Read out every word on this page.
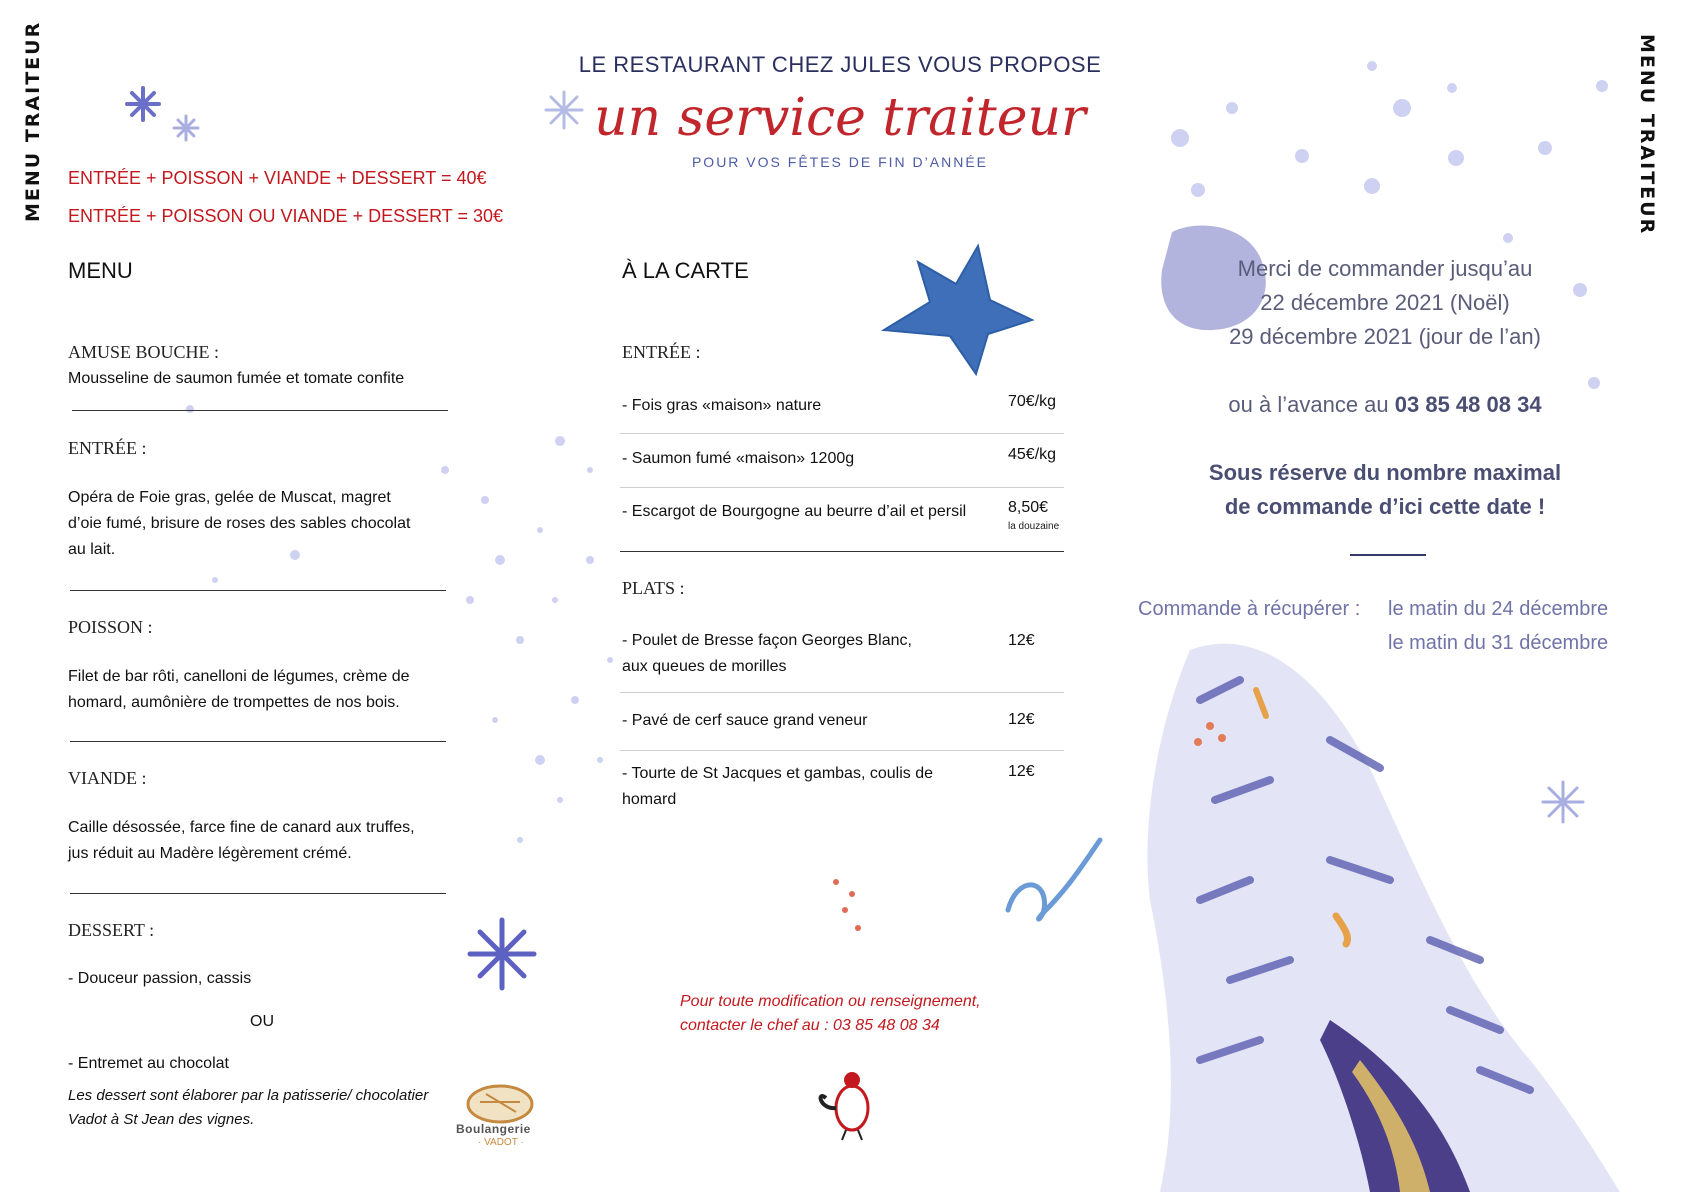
MENU TRAITEUR	MENU TRAITEUR
LE RESTAURANT CHEZ JULES VOUS PROPOSE
un service traiteur
POUR VOS FÊTES DE FIN D’ANNÉE
ENTRÉE + POISSON + VIANDE + DESSERT = 40€
ENTRÉE + POISSON OU VIANDE + DESSERT = 30€
MENU
AMUSE BOUCHE :
Mousseline de saumon fumée et tomate confite
ENTRÉE :
Opéra de Foie gras, gelée de Muscat, magret
d’oie fumé, brisure de roses des sables chocolat
au lait.
POISSON :
Filet de bar rôti, canelloni de légumes, crème de
homard, aumônière de trompettes de nos bois.
VIANDE :
Caille désossée, farce fine de canard aux truffes,
jus réduit au Madère légèrement crémé.
DESSERT :
- Douceur passion, cassis
OU
- Entremet au chocolat
Les dessert sont élaborer par la patisserie/ chocolatier
Vadot à St Jean des vignes.
Boulangerie
· VADOT ·
À LA CARTE
ENTRÉE :
- Fois gras «maison» nature	70€/kg
- Saumon fumé «maison» 1200g	45€/kg
- Escargot de Bourgogne au beurre d’ail et persil	8,50€
la douzaine
PLATS :
- Poulet de Bresse façon Georges Blanc,
aux queues de morilles
12€
- Pavé de cerf sauce grand veneur	12€
- Tourte de St Jacques et gambas, coulis de
homard
12€
Pour toute modification ou renseignement,
contacter le chef au : 03 85 48 08 34
Merci de commander jusqu’au
22 décembre 2021 (Noël)
29 décembre 2021 (jour de l’an)
ou à l’avance au 03 85 48 08 34
Sous réserve du nombre maximal
de commande d’ici cette date !
Commande à récupérer : le matin du 24 décembre
le matin du 31 décembre
